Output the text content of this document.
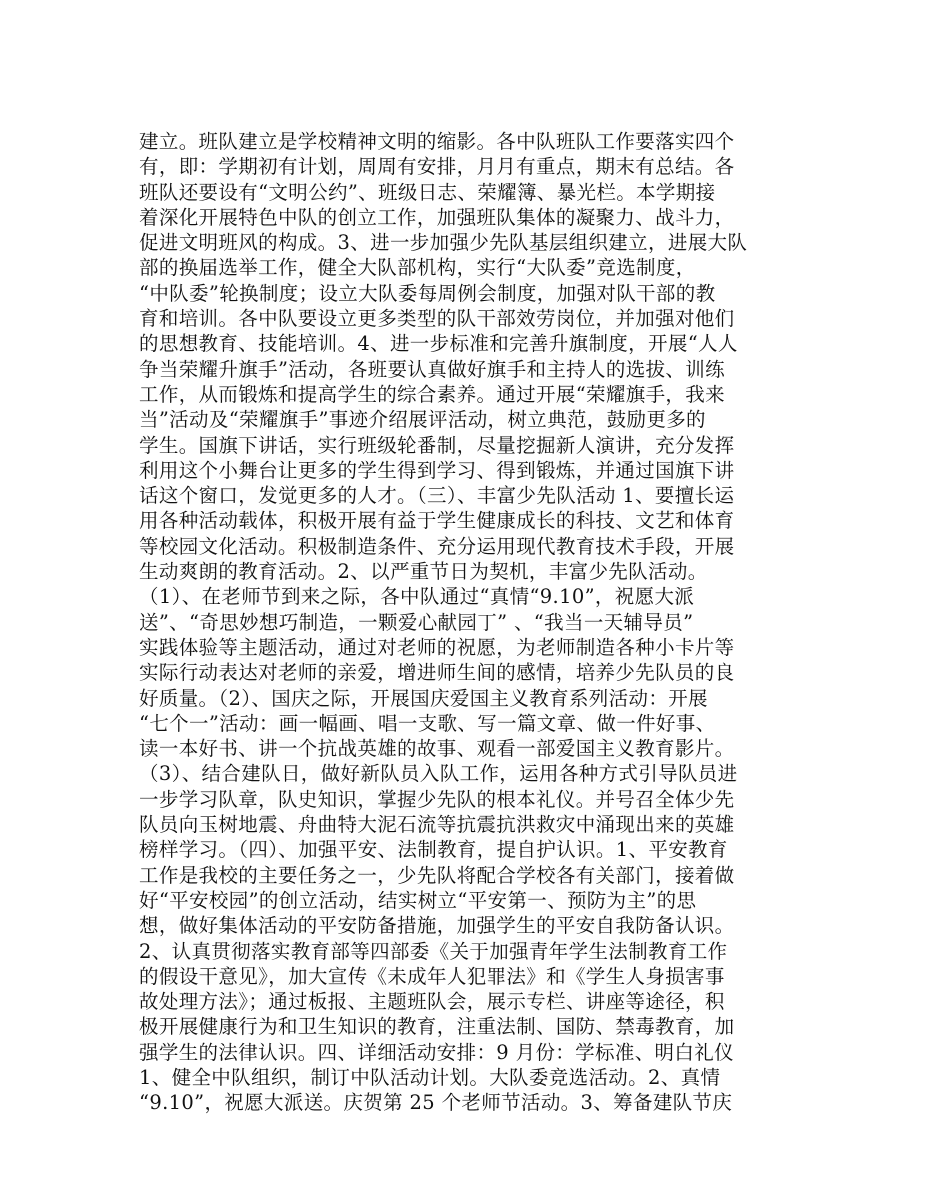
建立。班队建立是学校精神文明的缩影。各中队班队工作要落实四个
有，即：学期初有计划，周周有安排，月月有重点，期末有总结。各
班队还要设有“文明公约”、班级日志、荣耀簿、暴光栏。本学期接
着深化开展特色中队的创立工作，加强班队集体的凝聚力、战斗力，
促进文明班风的构成。3、进一步加强少先队基层组织建立，进展大队
部的换届选举工作，健全大队部机构，实行“大队委”竞选制度，
“中队委”轮换制度；设立大队委每周例会制度，加强对队干部的教
育和培训。各中队要设立更多类型的队干部效劳岗位，并加强对他们
的思想教育、技能培训。4、进一步标准和完善升旗制度，开展“人人
争当荣耀升旗手”活动，各班要认真做好旗手和主持人的选拔、训练
工作，从而锻炼和提高学生的综合素养。通过开展“荣耀旗手，我来
当”活动及“荣耀旗手”事迹介绍展评活动，树立典范，鼓励更多的
学生。国旗下讲话，实行班级轮番制，尽量挖掘新人演讲，充分发挥
利用这个小舞台让更多的学生得到学习、得到锻炼，并通过国旗下讲
话这个窗口，发觉更多的人才。（三）、丰富少先队活动 1、要擅长运
用各种活动载体，积极开展有益于学生健康成长的科技、文艺和体育
等校园文化活动。积极制造条件、充分运用现代教育技术手段，开展
生动爽朗的教育活动。2、以严重节日为契机，丰富少先队活动。
（1）、在老师节到来之际，各中队通过“真情“9.10”，祝愿大派
送”、“奇思妙想巧制造，一颗爱心献园丁” 、“我当一天辅导员”
实践体验等主题活动，通过对老师的祝愿，为老师制造各种小卡片等
实际行动表达对老师的亲爱，增进师生间的感情，培养少先队员的良
好质量。（2）、国庆之际，开展国庆爱国主义教育系列活动：开展
“七个一”活动：画一幅画、唱一支歌、写一篇文章、做一件好事、
读一本好书、讲一个抗战英雄的故事、观看一部爱国主义教育影片。
（3）、结合建队日，做好新队员入队工作，运用各种方式引导队员进
一步学习队章，队史知识，掌握少先队的根本礼仪。并号召全体少先
队员向玉树地震、舟曲特大泥石流等抗震抗洪救灾中涌现出来的英雄
榜样学习。（四）、加强平安、法制教育，提自护认识。1、平安教育
工作是我校的主要任务之一，少先队将配合学校各有关部门，接着做
好“平安校园”的创立活动，结实树立“平安第一、预防为主”的思
想，做好集体活动的平安防备措施，加强学生的平安自我防备认识。
2、认真贯彻落实教育部等四部委《关于加强青年学生法制教育工作
的假设干意见》，加大宣传《未成年人犯罪法》和《学生人身损害事
故处理方法》；通过板报、主题班队会，展示专栏、讲座等途径，积
极开展健康行为和卫生知识的教育，注重法制、国防、禁毒教育，加
强学生的法律认识。四、详细活动安排：9 月份：学标准、明白礼仪
1、健全中队组织，制订中队活动计划。大队委竞选活动。2、真情
“9.10”，祝愿大派送。庆贺第 25 个老师节活动。3、筹备建队节庆
